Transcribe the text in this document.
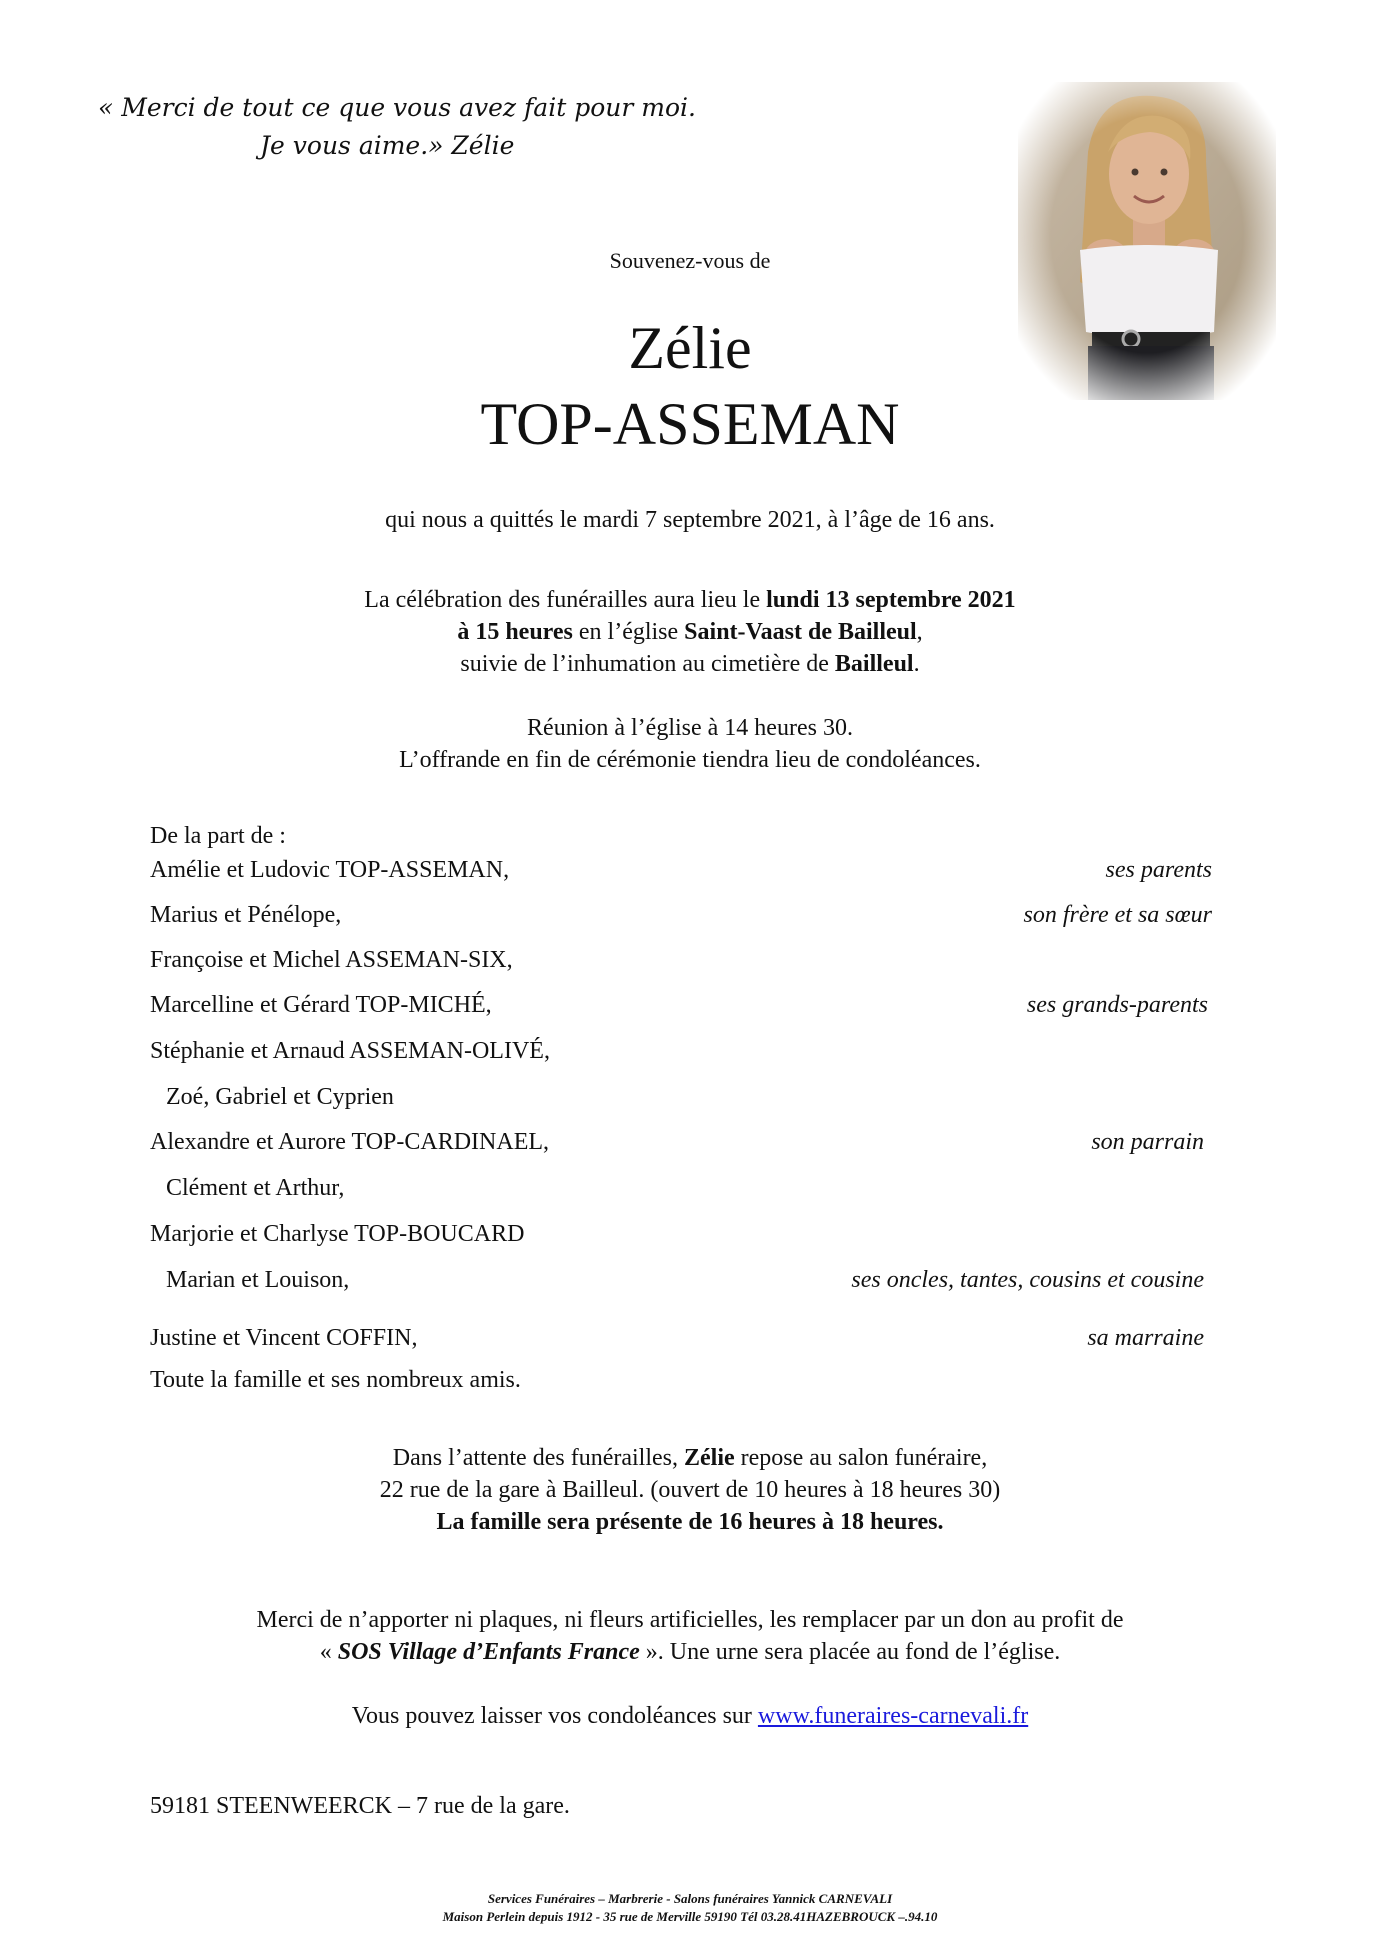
« Merci de tout ce que vous avez fait pour moi.
Je vous aime.» Zélie
Souvenez-vous de
Zélie
TOP-ASSEMAN
qui nous a quittés le mardi 7 septembre 2021, à l’âge de 16 ans.
La célébration des funérailles aura lieu le lundi 13 septembre 2021
à 15 heures en l’église Saint-Vaast de Bailleul,
suivie de l’inhumation au cimetière de Bailleul.
Réunion à l’église à 14 heures 30.
L’offrande en fin de cérémonie tiendra lieu de condoléances.
De la part de :
Amélie et Ludovic TOP-ASSEMAN,	ses parents
Marius et Pénélope,	son frère et sa sœur
Françoise et Michel ASSEMAN-SIX,
Marcelline et Gérard TOP-MICHÉ,	ses grands-parents
Stéphanie et Arnaud ASSEMAN-OLIVÉ,
Zoé, Gabriel et Cyprien
Alexandre et Aurore TOP-CARDINAEL,	son parrain
Clément et Arthur,
Marjorie et Charlyse TOP-BOUCARD
Marian et Louison,	ses oncles, tantes, cousins et cousine
Justine et Vincent COFFIN,	sa marraine
Toute la famille et ses nombreux amis.
Dans l’attente des funérailles, Zélie repose au salon funéraire,
22 rue de la gare à Bailleul. (ouvert de 10 heures à 18 heures 30)
La famille sera présente de 16 heures à 18 heures.
Merci de n’apporter ni plaques, ni fleurs artificielles, les remplacer par un don au profit de
« SOS Village d’Enfants France ». Une urne sera placée au fond de l’église.
Vous pouvez laisser vos condoléances sur www.funeraires-carnevali.fr
59181 STEENWEERCK – 7 rue de la gare.
Services Funéraires – Marbrerie - Salons funéraires Yannick CARNEVALI
Maison Perlein depuis 1912 - 35 rue de Merville 59190 Tél 03.28.41HAZEBROUCK –.94.10
